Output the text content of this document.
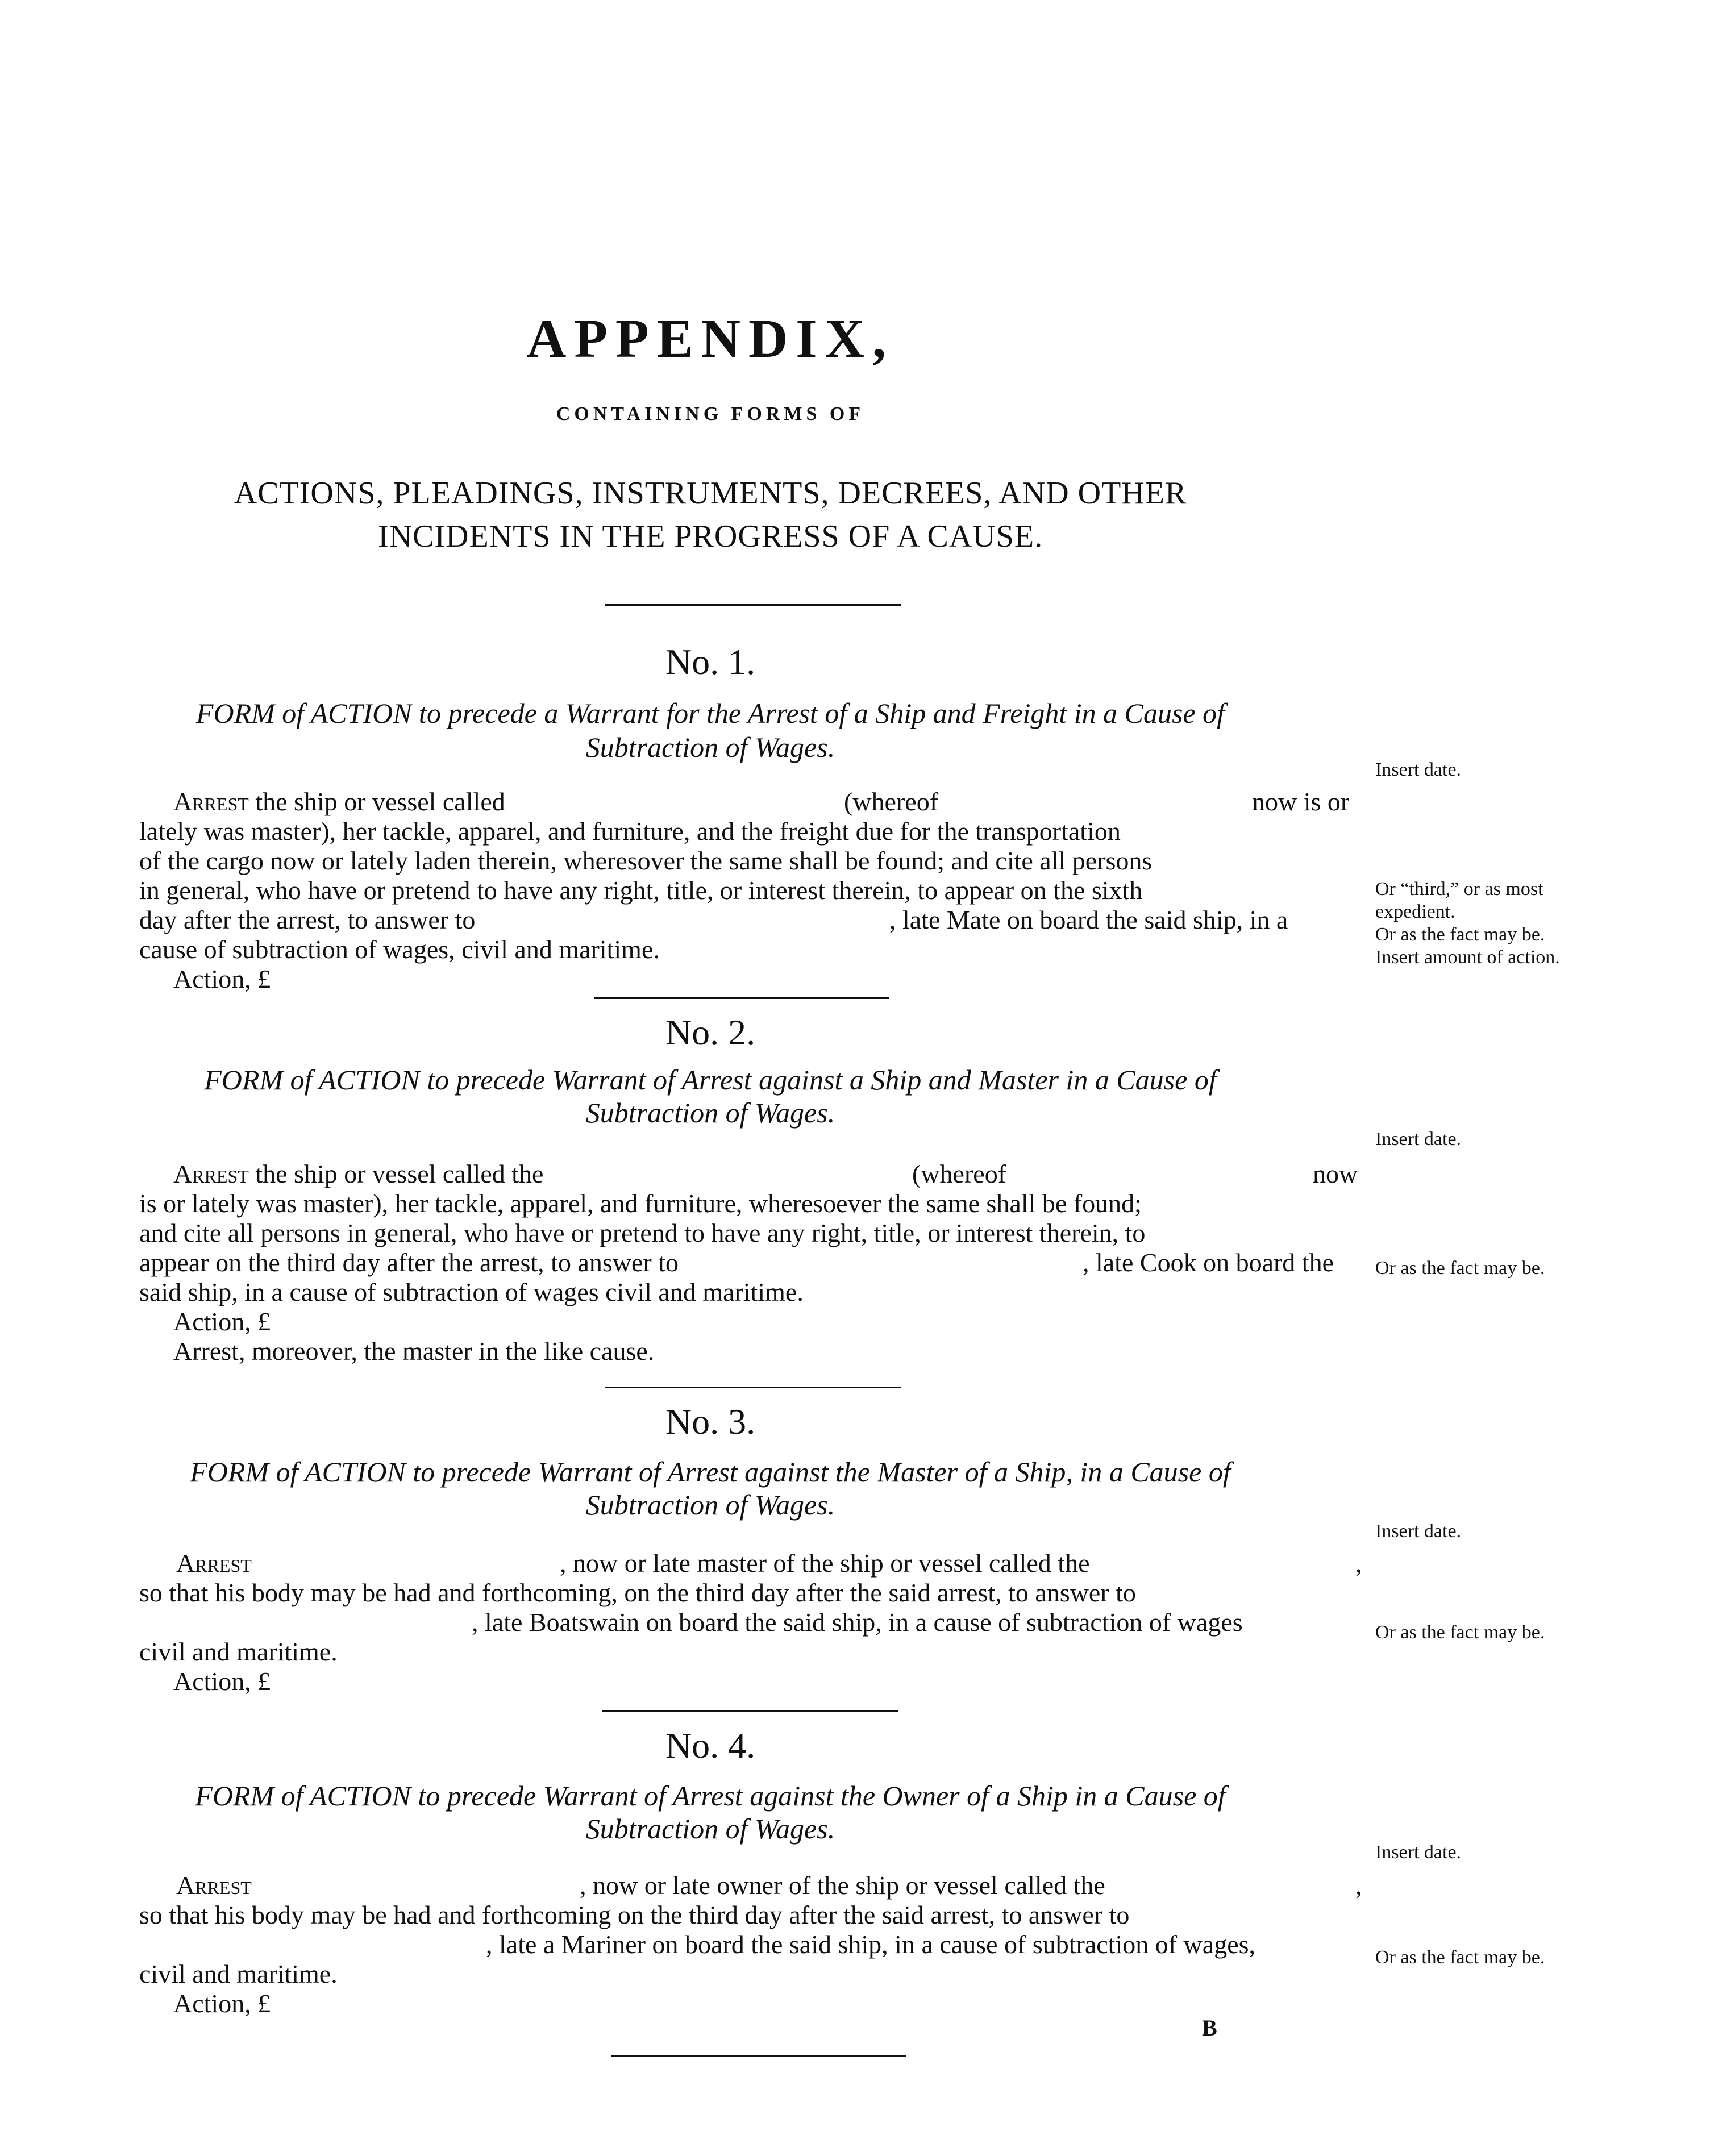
APPENDIX,
CONTAINING FORMS OF
ACTIONS, PLEADINGS, INSTRUMENTS, DECREES, AND OTHER
INCIDENTS IN THE PROGRESS OF A CAUSE.
No. 1.
FORM of ACTION to precede a Warrant for the Arrest of a Ship and Freight in a Cause of
Subtraction of Wages.
Arrest the ship or vessel called	(whereof	now is or
lately was master), her tackle, apparel, and furniture, and the freight due for the transportation
of the cargo now or lately laden therein, wheresover the same shall be found; and cite all persons
in general, who have or pretend to have any right, title, or interest therein, to appear on the sixth
day after the arrest, to answer to	, late Mate on board the said ship, in a
cause of subtraction of wages, civil and maritime.
Action, £
Insert date.
Or “third,” or as most expedient.
Or as the fact may be.
Insert amount of action.
No. 2.
FORM of ACTION to precede Warrant of Arrest against a Ship and Master in a Cause of
Subtraction of Wages.
Arrest the ship or vessel called the	(whereof	now
is or lately was master), her tackle, apparel, and furniture, wheresoever the same shall be found;
and cite all persons in general, who have or pretend to have any right, title, or interest therein, to
appear on the third day after the arrest, to answer to	, late Cook on board the
said ship, in a cause of subtraction of wages civil and maritime.
Action, £
Arrest, moreover, the master in the like cause.
Insert date.
Or as the fact may be.
No. 3.
FORM of ACTION to precede Warrant of Arrest against the Master of a Ship, in a Cause of
Subtraction of Wages.
Arrest	, now or late master of the ship or vessel called the	,
so that his body may be had and forthcoming, on the third day after the said arrest, to answer to
, late Boatswain on board the said ship, in a cause of subtraction of wages
civil and maritime.
Action, £
Insert date.
Or as the fact may be.
No. 4.
FORM of ACTION to precede Warrant of Arrest against the Owner of a Ship in a Cause of
Subtraction of Wages.
Arrest	, now or late owner of the ship or vessel called the	,
so that his body may be had and forthcoming on the third day after the said arrest, to answer to
, late a Mariner on board the said ship, in a cause of subtraction of wages,
civil and maritime.
Action, £
Insert date.
Or as the fact may be.
B
